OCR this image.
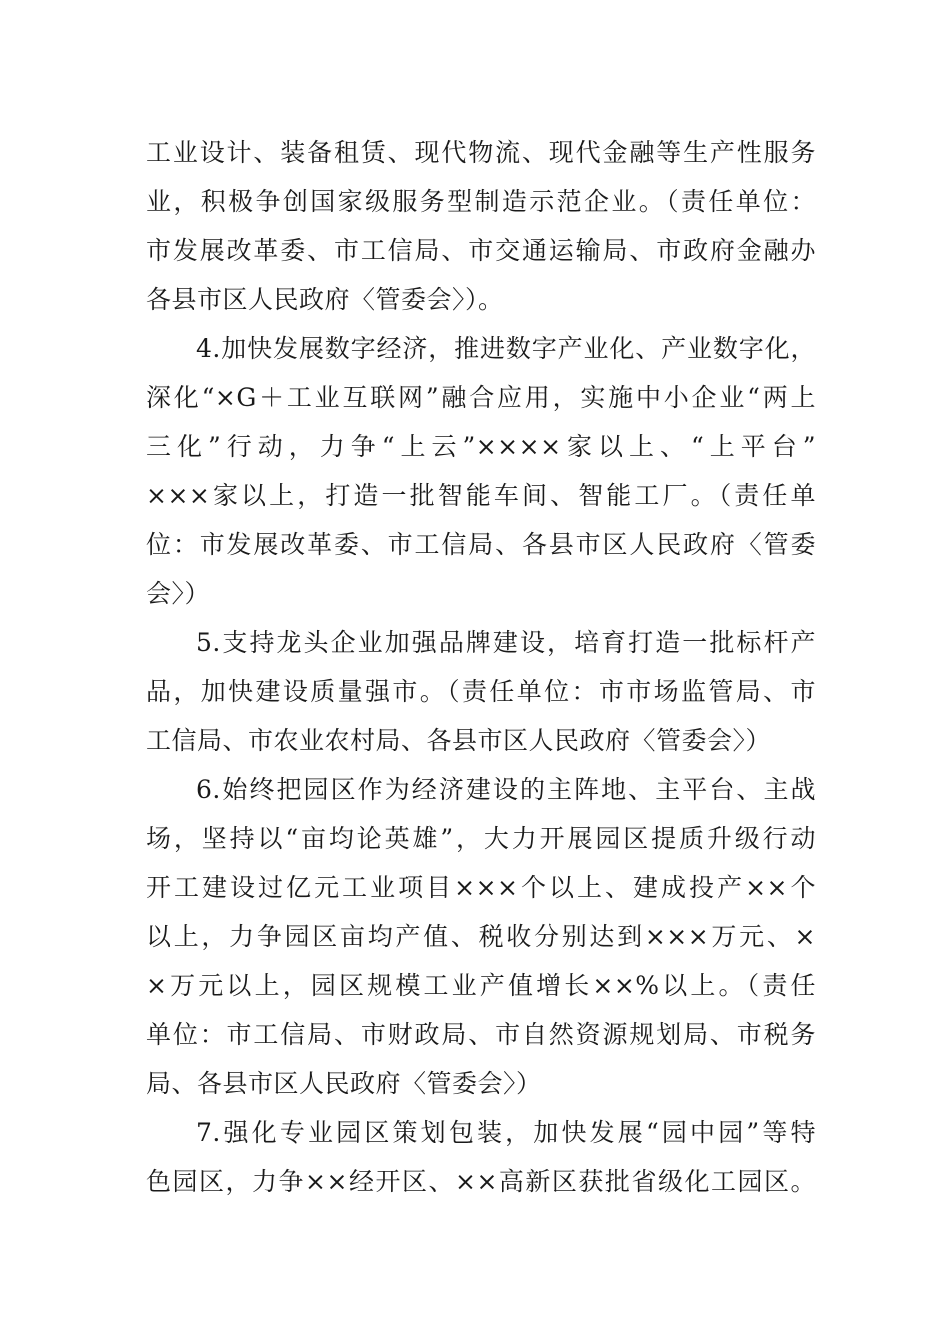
工业设计、装备租赁、现代物流、现代金融等生产性服务
业，积极争创国家级服务型制造示范企业。（责任单位：
市发展改革委、市工信局、市交通运输局、市政府金融办
各县市区人民政府〈管委会〉）。
4.加快发展数字经济，推进数字产业化、产业数字化，
深化“×G＋工业互联网”融合应用，实施中小企业“两上
三化”行动，力争“上云”××××家以上、“上平台”
×××家以上，打造一批智能车间、智能工厂。（责任单
位：市发展改革委、市工信局、各县市区人民政府〈管委
会〉）
5.支持龙头企业加强品牌建设，培育打造一批标杆产
品，加快建设质量强市。（责任单位：市市场监管局、市
工信局、市农业农村局、各县市区人民政府〈管委会〉）
6.始终把园区作为经济建设的主阵地、主平台、主战
场，坚持以“亩均论英雄”，大力开展园区提质升级行动
开工建设过亿元工业项目×××个以上、建成投产××个
以上，力争园区亩均产值、税收分别达到×××万元、×
×万元以上，园区规模工业产值增长××%以上。（责任
单位：市工信局、市财政局、市自然资源规划局、市税务
局、各县市区人民政府〈管委会〉）
7.强化专业园区策划包装，加快发展“园中园”等特
色园区，力争××经开区、××高新区获批省级化工园区。
